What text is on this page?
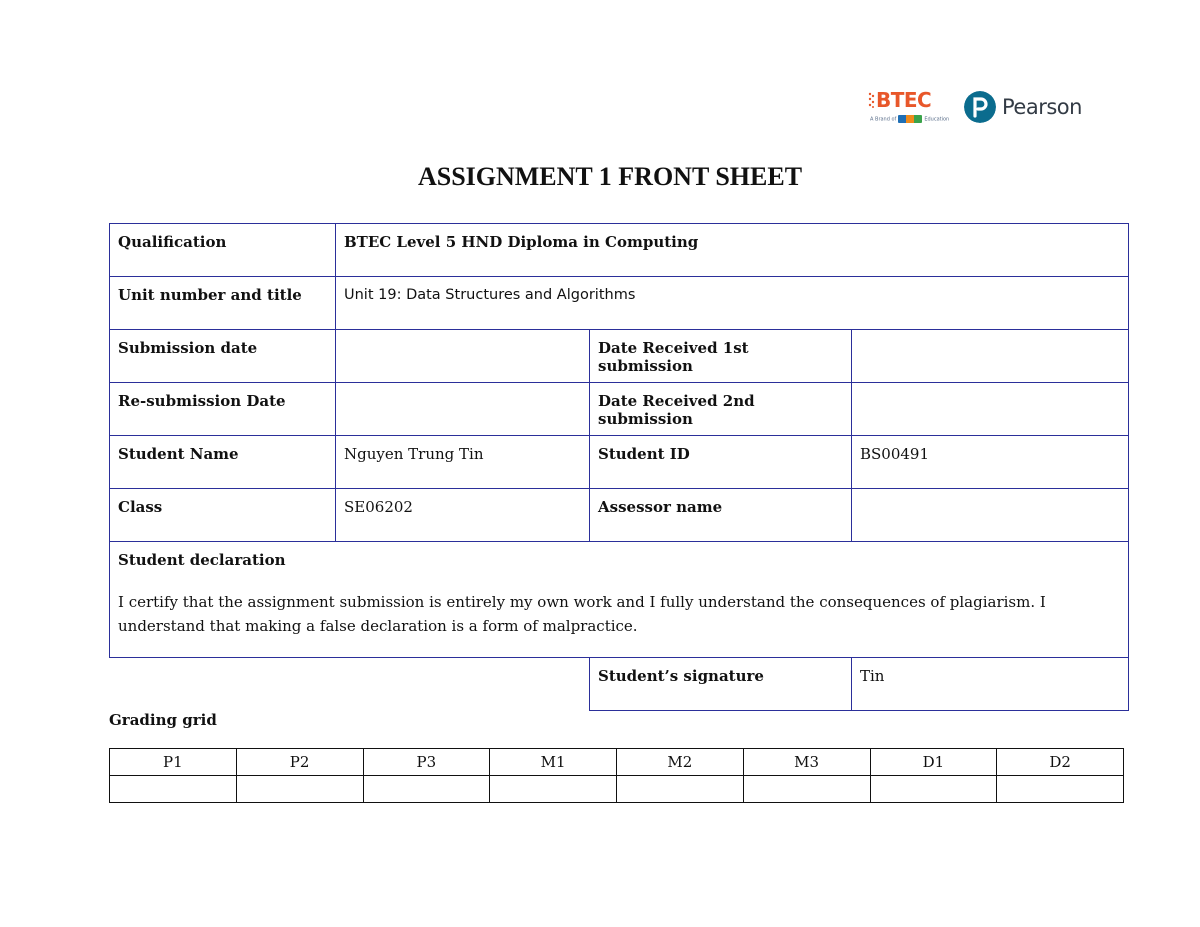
BTEC
A Brand of	Education
Pearson
ASSIGNMENT 1 FRONT SHEET
Qualification	BTEC Level 5 HND Diploma in Computing		
Unit number and title	Unit 19: Data Structures and Algorithms		
Submission date		Date Received 1st submission	
Re-submission Date		Date Received 2nd submission	
Student Name	Nguyen Trung Tin	Student ID	BS00491
Class	SE06202	Assessor name	

Student declaration
I certify that the assignment submission is entirely my own work and I fully understand the consequences of plagiarism. I understand that making a false declaration is a form of malpractice.			

		Student’s signature	Tin
Grading grid
P1	P2	P3	M1	M2	M3	D1	D2
